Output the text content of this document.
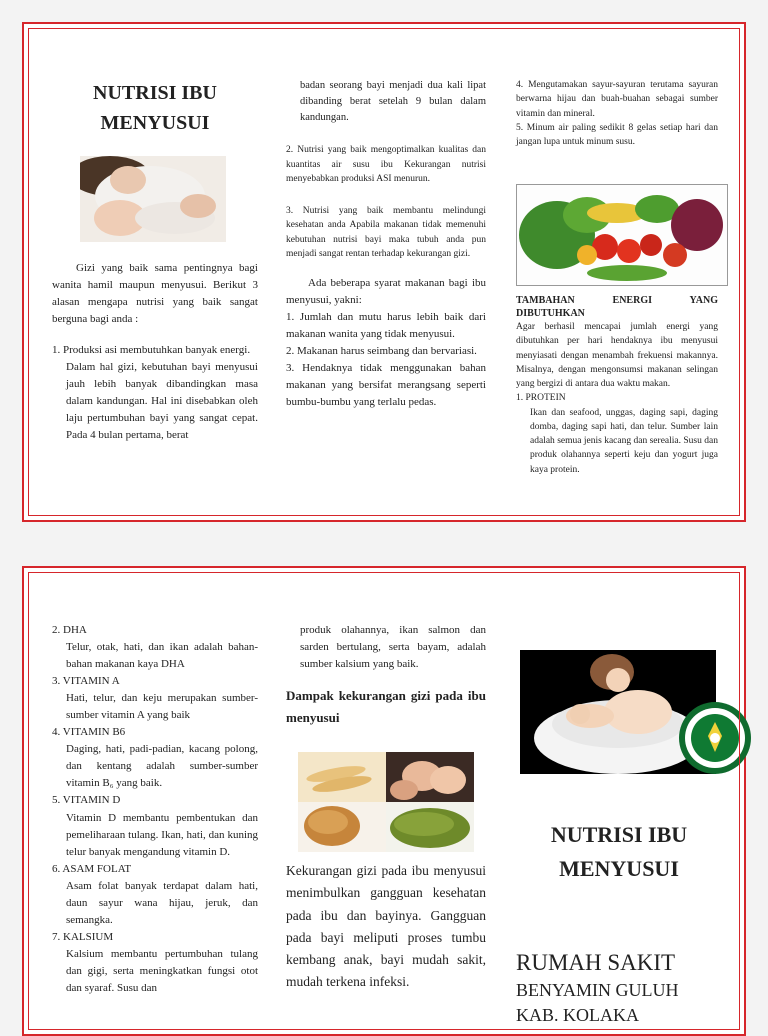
NUTRISI IBU
MENYUSUI

Gizi yang baik sama pentingnya bagi wanita hamil maupun menyusui. Berikut 3 alasan mengapa nutrisi yang baik sangat berguna bagi anda :

1. Produksi asi membutuhkan banyak energi.

Dalam hal gizi, kebutuhan bayi menyusui jauh lebih banyak dibandingkan masa dalam kandungan. Hal ini disebabkan oleh laju pertumbuhan bayi yang sangat cepat. Pada 4 bulan pertama, berat

badan seorang bayi menjadi dua kali lipat dibanding berat setelah 9 bulan dalam kandungan.

2. Nutrisi yang baik mengoptimalkan kualitas dan kuantitas air susu ibu Kekurangan nutrisi menyebabkan produksi ASI menurun.

3. Nutrisi yang baik membantu melindungi kesehatan anda Apabila makanan tidak memenuhi kebutuhan nutrisi bayi maka tubuh anda pun menjadi sangat rentan terhadap kekurangan gizi.

Ada beberapa syarat makanan bagi ibu menyusui, yakni:

1. Jumlah dan mutu harus lebih baik dari makanan wanita yang tidak menyusui.

2. Makanan harus seimbang dan bervariasi.

3. Hendaknya tidak menggunakan bahan makanan yang bersifat merangsang seperti bumbu-bumbu yang terlalu pedas.

4. Mengutamakan sayur-sayuran terutama sayuran berwarna hijau dan buah-buahan sebagai sumber vitamin dan mineral.

5. Minum air paling sedikit 8 gelas setiap hari dan jangan lupa untuk minum susu.

TAMBAHAN ENERGI YANG DIBUTUHKAN

Agar berhasil mencapai jumlah energi yang dibutuhkan per hari hendaknya ibu menyusui menyiasati dengan menambah frekuensi makannya. Misalnya, dengan mengonsumsi makanan selingan yang bergizi di antara dua waktu makan.

1. PROTEIN

Ikan dan seafood, unggas, daging sapi, daging domba, daging sapi hati, dan telur. Sumber lain adalah semua jenis kacang dan serealia. Susu dan produk olahannya seperti keju dan yogurt juga kaya protein.

2. DHA

Telur, otak, hati, dan ikan adalah bahan-bahan makanan kaya DHA

3. VITAMIN A

Hati, telur, dan keju merupakan sumber-sumber vitamin A yang baik

4. VITAMIN B6

Daging, hati, padi-padian, kacang polong, dan kentang adalah sumber-sumber vitamin B₆ yang baik.

5. VITAMIN D

Vitamin D membantu pembentukan dan pemeliharaan tulang. Ikan, hati, dan kuning telur banyak mengandung vitamin D.

6. ASAM FOLAT

Asam folat banyak terdapat dalam hati, daun sayur wana hijau, jeruk, dan semangka.

7. KALSIUM

Kalsium membantu pertumbuhan tulang dan gigi, serta meningkatkan fungsi otot dan syaraf. Susu dan

produk olahannya, ikan salmon dan sarden bertulang, serta bayam, adalah sumber kalsium yang baik.

Dampak kekurangan gizi pada ibu menyusui
Kekurangan gizi pada ibu menyusui menimbulkan gangguan kesehatan pada ibu dan bayinya. Gangguan pada bayi meliputi proses tumbu kembang anak, bayi mudah sakit, mudah terkena infeksi.
NUTRISI IBU
MENYUSUI
RUMAH SAKIT
BENYAMIN GULUH
KAB. KOLAKA
